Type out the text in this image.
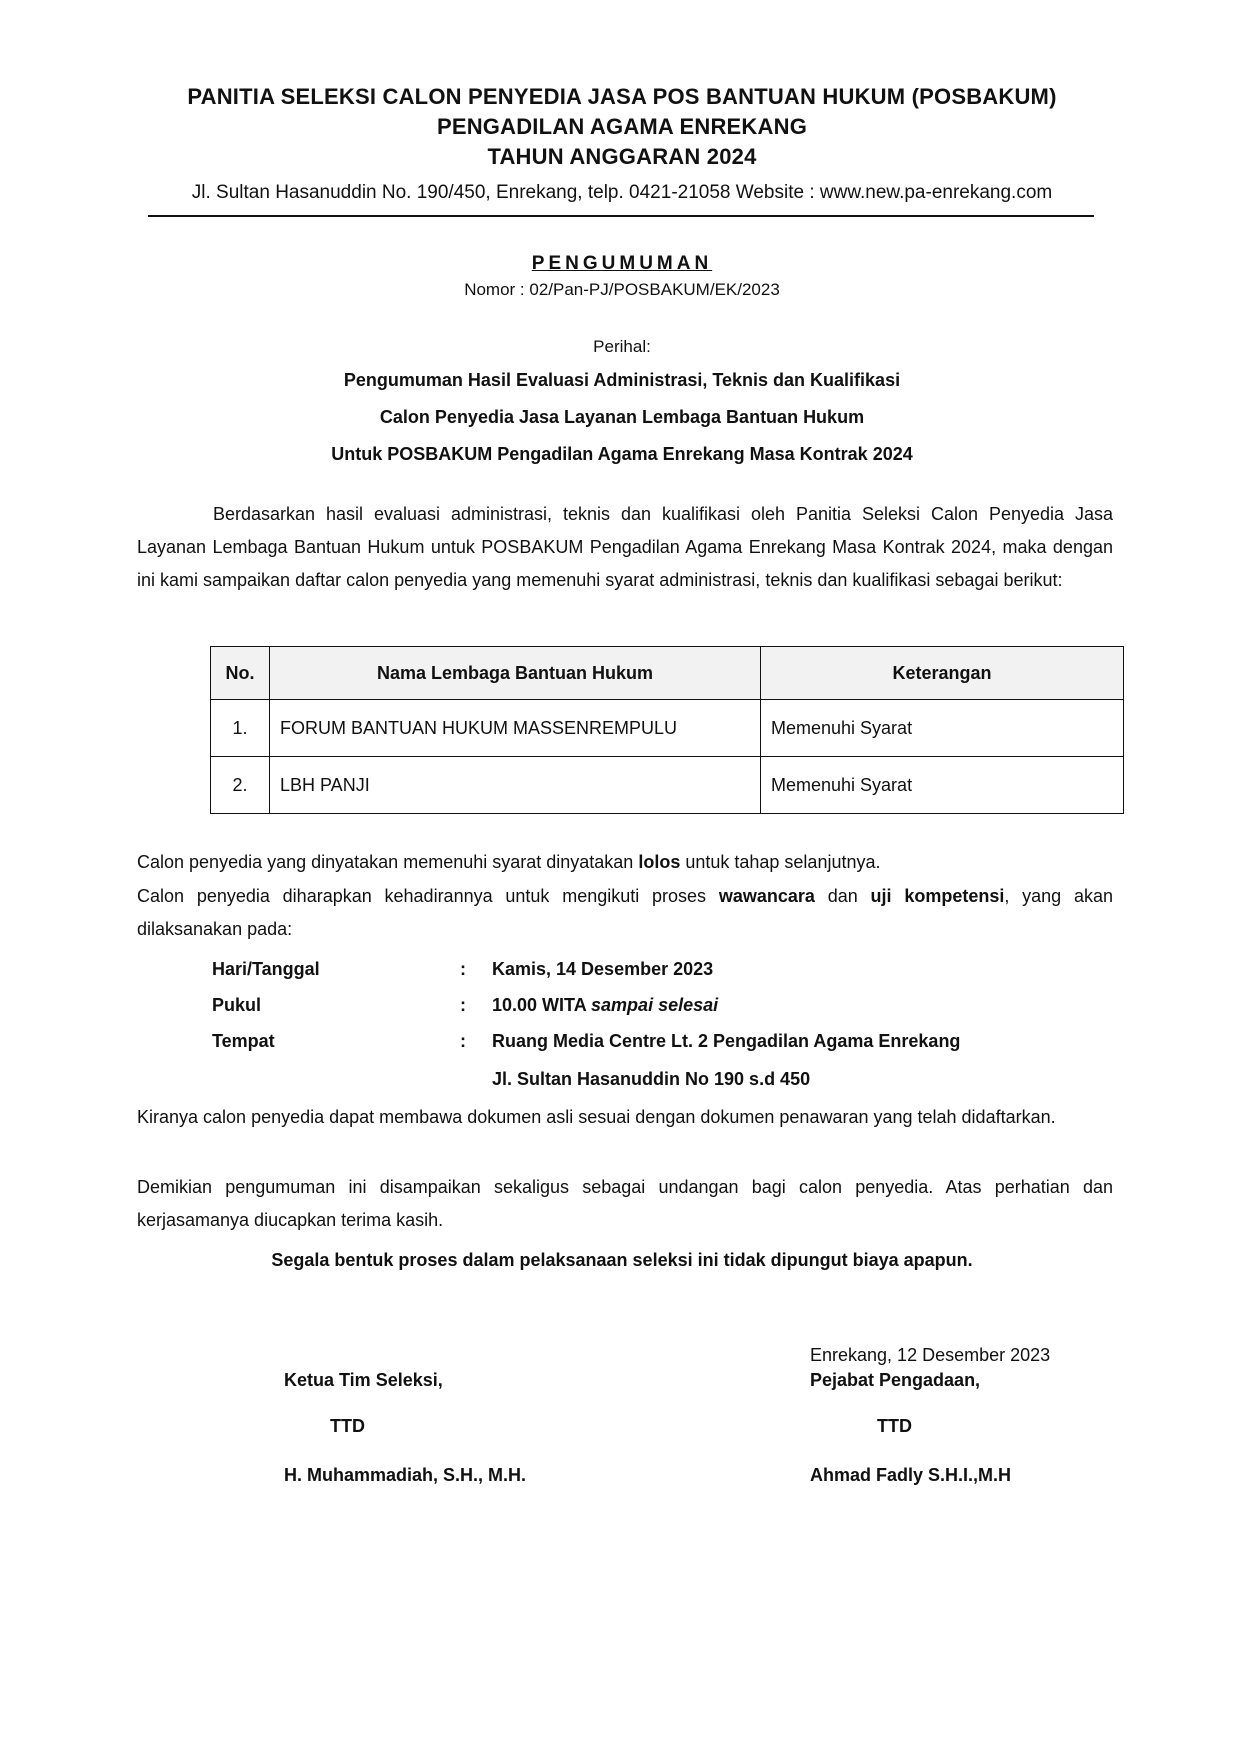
PANITIA SELEKSI CALON PENYEDIA JASA POS BANTUAN HUKUM (POSBAKUM)
PENGADILAN AGAMA ENREKANG
TAHUN ANGGARAN 2024
Jl. Sultan Hasanuddin No. 190/450, Enrekang, telp. 0421-21058 Website : www.new.pa-enrekang.com
PENGUMUMAN
Nomor : 02/Pan-PJ/POSBAKUM/EK/2023
Perihal:
Pengumuman Hasil Evaluasi Administrasi, Teknis dan Kualifikasi
Calon Penyedia Jasa Layanan Lembaga Bantuan Hukum
Untuk POSBAKUM Pengadilan Agama Enrekang Masa Kontrak 2024
Berdasarkan hasil evaluasi administrasi, teknis dan kualifikasi oleh Panitia Seleksi Calon Penyedia Jasa Layanan Lembaga Bantuan Hukum untuk POSBAKUM Pengadilan Agama Enrekang Masa Kontrak 2024, maka dengan ini kami sampaikan daftar calon penyedia yang memenuhi syarat administrasi, teknis dan kualifikasi sebagai berikut:
No.	Nama Lembaga Bantuan Hukum	Keterangan
1.	FORUM BANTUAN HUKUM MASSENREMPULU	Memenuhi Syarat
2.	LBH PANJI	Memenuhi Syarat
Calon penyedia yang dinyatakan memenuhi syarat dinyatakan lolos untuk tahap selanjutnya.
Calon penyedia diharapkan kehadirannya untuk mengikuti proses wawancara dan uji kompetensi, yang akan dilaksanakan pada:
Hari/Tanggal	: Kamis, 14 Desember 2023
Pukul	: 10.00 WITA sampai selesai
Tempat	: Ruang Media Centre Lt. 2 Pengadilan Agama Enrekang
Jl. Sultan Hasanuddin No 190 s.d 450
Kiranya calon penyedia dapat membawa dokumen asli sesuai dengan dokumen penawaran yang telah didaftarkan.
Demikian pengumuman ini disampaikan sekaligus sebagai undangan bagi calon penyedia. Atas perhatian dan kerjasamanya diucapkan terima kasih.
Segala bentuk proses dalam pelaksanaan seleksi ini tidak dipungut biaya apapun.
Enrekang, 12 Desember 2023
Ketua Tim Seleksi,	Pejabat Pengadaan,
TTD	TTD
H. Muhammadiah, S.H., M.H.	Ahmad Fadly S.H.I.,M.H
